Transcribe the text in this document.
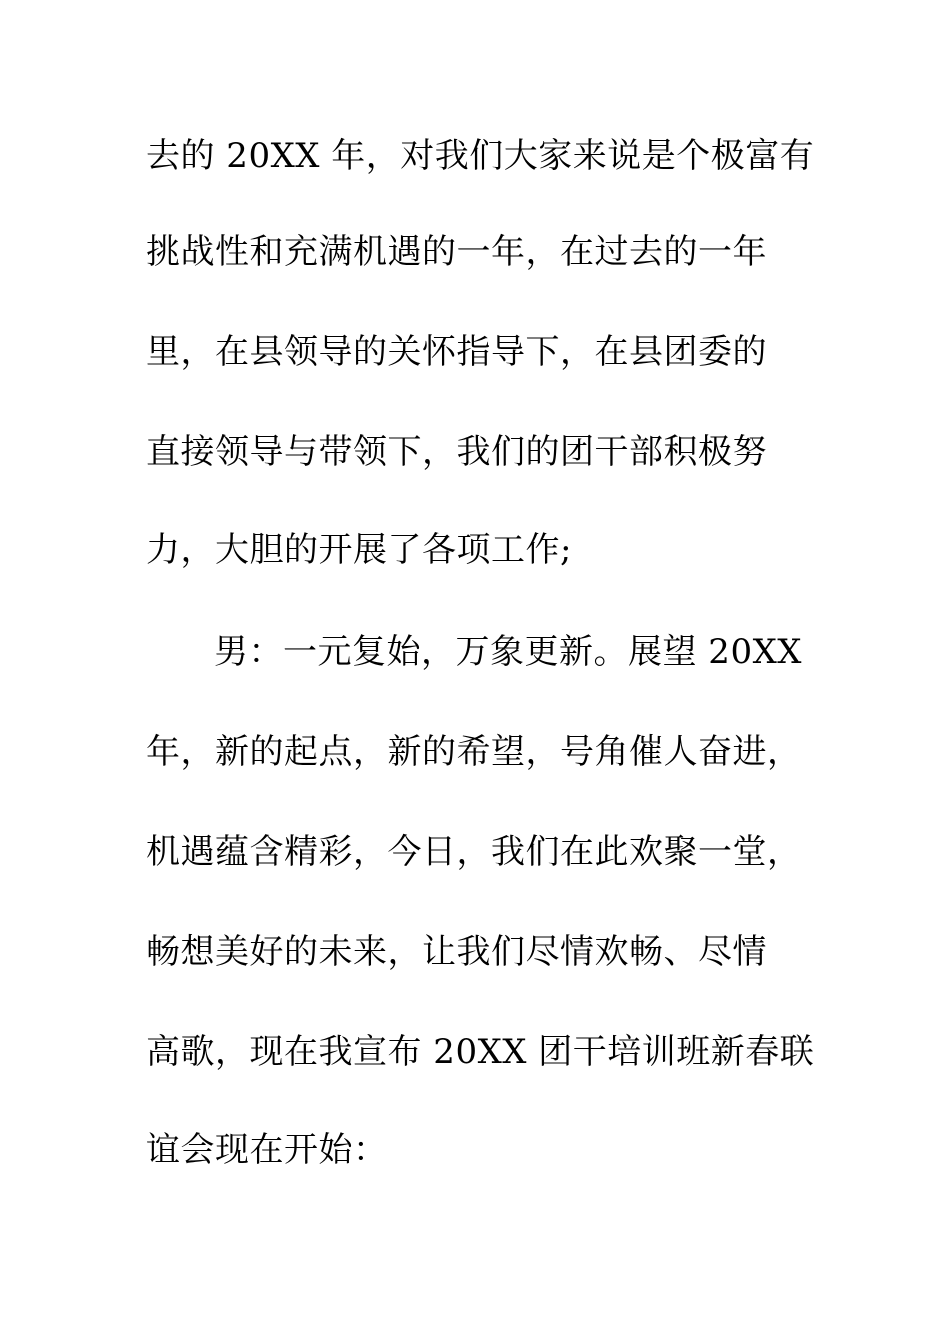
去的 20XX 年，对我们大家来说是个极富有
挑战性和充满机遇的一年，在过去的一年
里，在县领导的关怀指导下，在县团委的
直接领导与带领下，我们的团干部积极努
力，大胆的开展了各项工作;
男：一元复始，万象更新。展望 20XX
年，新的起点，新的希望，号角催人奋进，
机遇蕴含精彩，今日，我们在此欢聚一堂，
畅想美好的未来，让我们尽情欢畅、尽情
高歌，现在我宣布 20XX 团干培训班新春联
谊会现在开始：
